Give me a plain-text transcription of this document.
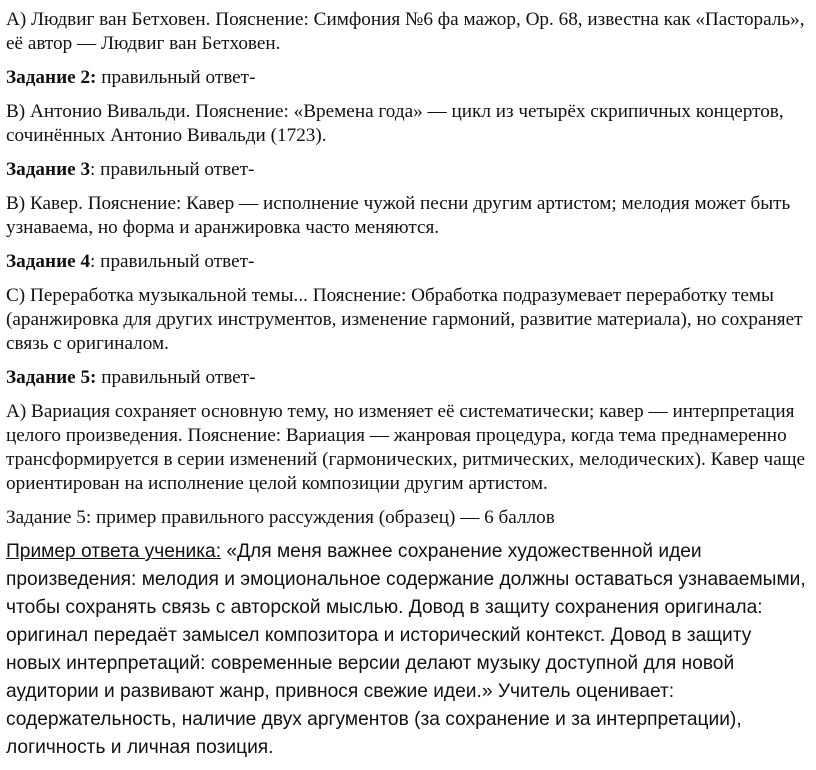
A) Людвиг ван Бетховен. Пояснение: Симфония №6 фа мажор, Op. 68, известна как «Пастораль», её автор — Людвиг ван Бетховен.

Задание 2: правильный ответ-

B) Антонио Вивальди. Пояснение: «Времена года» — цикл из четырёх скрипичных концертов, сочинённых Антонио Вивальди (1723).

Задание 3: правильный ответ-

B) Кавер. Пояснение: Кавер — исполнение чужой песни другим артистом; мелодия может быть узнаваема, но форма и аранжировка часто меняются.

Задание 4: правильный ответ-

C) Переработка музыкальной темы... Пояснение: Обработка подразумевает переработку темы (аранжировка для других инструментов, изменение гармоний, развитие материала), но сохраняет связь с оригиналом.

Задание 5: правильный ответ-

A) Вариация сохраняет основную тему, но изменяет её систематически; кавер — интерпретация целого произведения. Пояснение: Вариация — жанровая процедура, когда тема преднамеренно трансформируется в серии изменений (гармонических, ритмических, мелодических). Кавер чаще ориентирован на исполнение целой композиции другим артистом.

Задание 5: пример правильного рассуждения (образец) — 6 баллов

Пример ответа ученика: «Для меня важнее сохранение художественной идеи произведения: мелодия и эмоциональное содержание должны оставаться узнаваемыми, чтобы сохранять связь с авторской мыслью. Довод в защиту сохранения оригинала: оригинал передаёт замысел композитора и исторический контекст. Довод в защиту новых интерпретаций: современные версии делают музыку доступной для новой аудитории и развивают жанр, привнося свежие идеи.» Учитель оценивает: содержательность, наличие двух аргументов (за сохранение и за интерпретации), логичность и личная позиция.
